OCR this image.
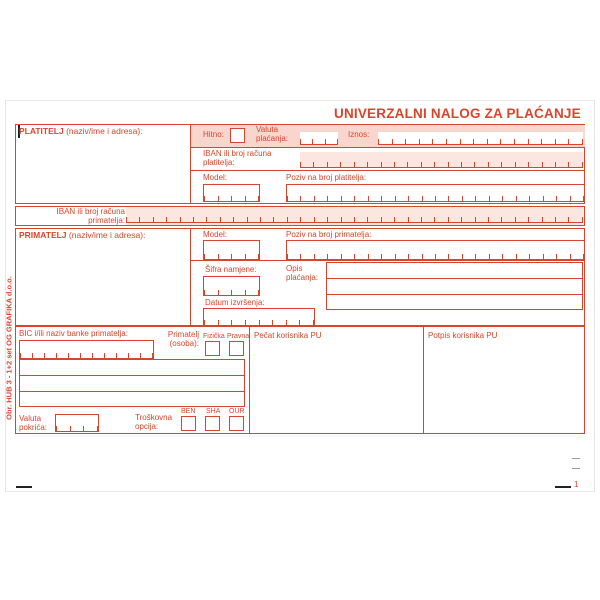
UNIVERZALNI NALOG ZA PLAĆANJE
Obr. HUB 3 - 1+2 set OG GRAFIKA d.o.o.
PLATITELJ (naziv/ime i adresa):	Hitno:
Valuta plaćanja:	Iznos:
IBAN ili broj računa platitelja:
Model:	Poziv na broj platitelja:
IBAN ili broj računa primatelja:
PRIMATELJ (naziv/ime i adresa):	Model:	Poziv na broj primatelja:
Šifra namjene:	Opis plaćanja:
Datum izvršenja:
BIC i/ili naziv banke primatelja:	Primatelj (osoba):
Fizička Pravna
Valuta pokrića:
Troškovna opcija:
BEN SHA OUR
Pečat korisnika PU	Potpis korisnika PU
1
